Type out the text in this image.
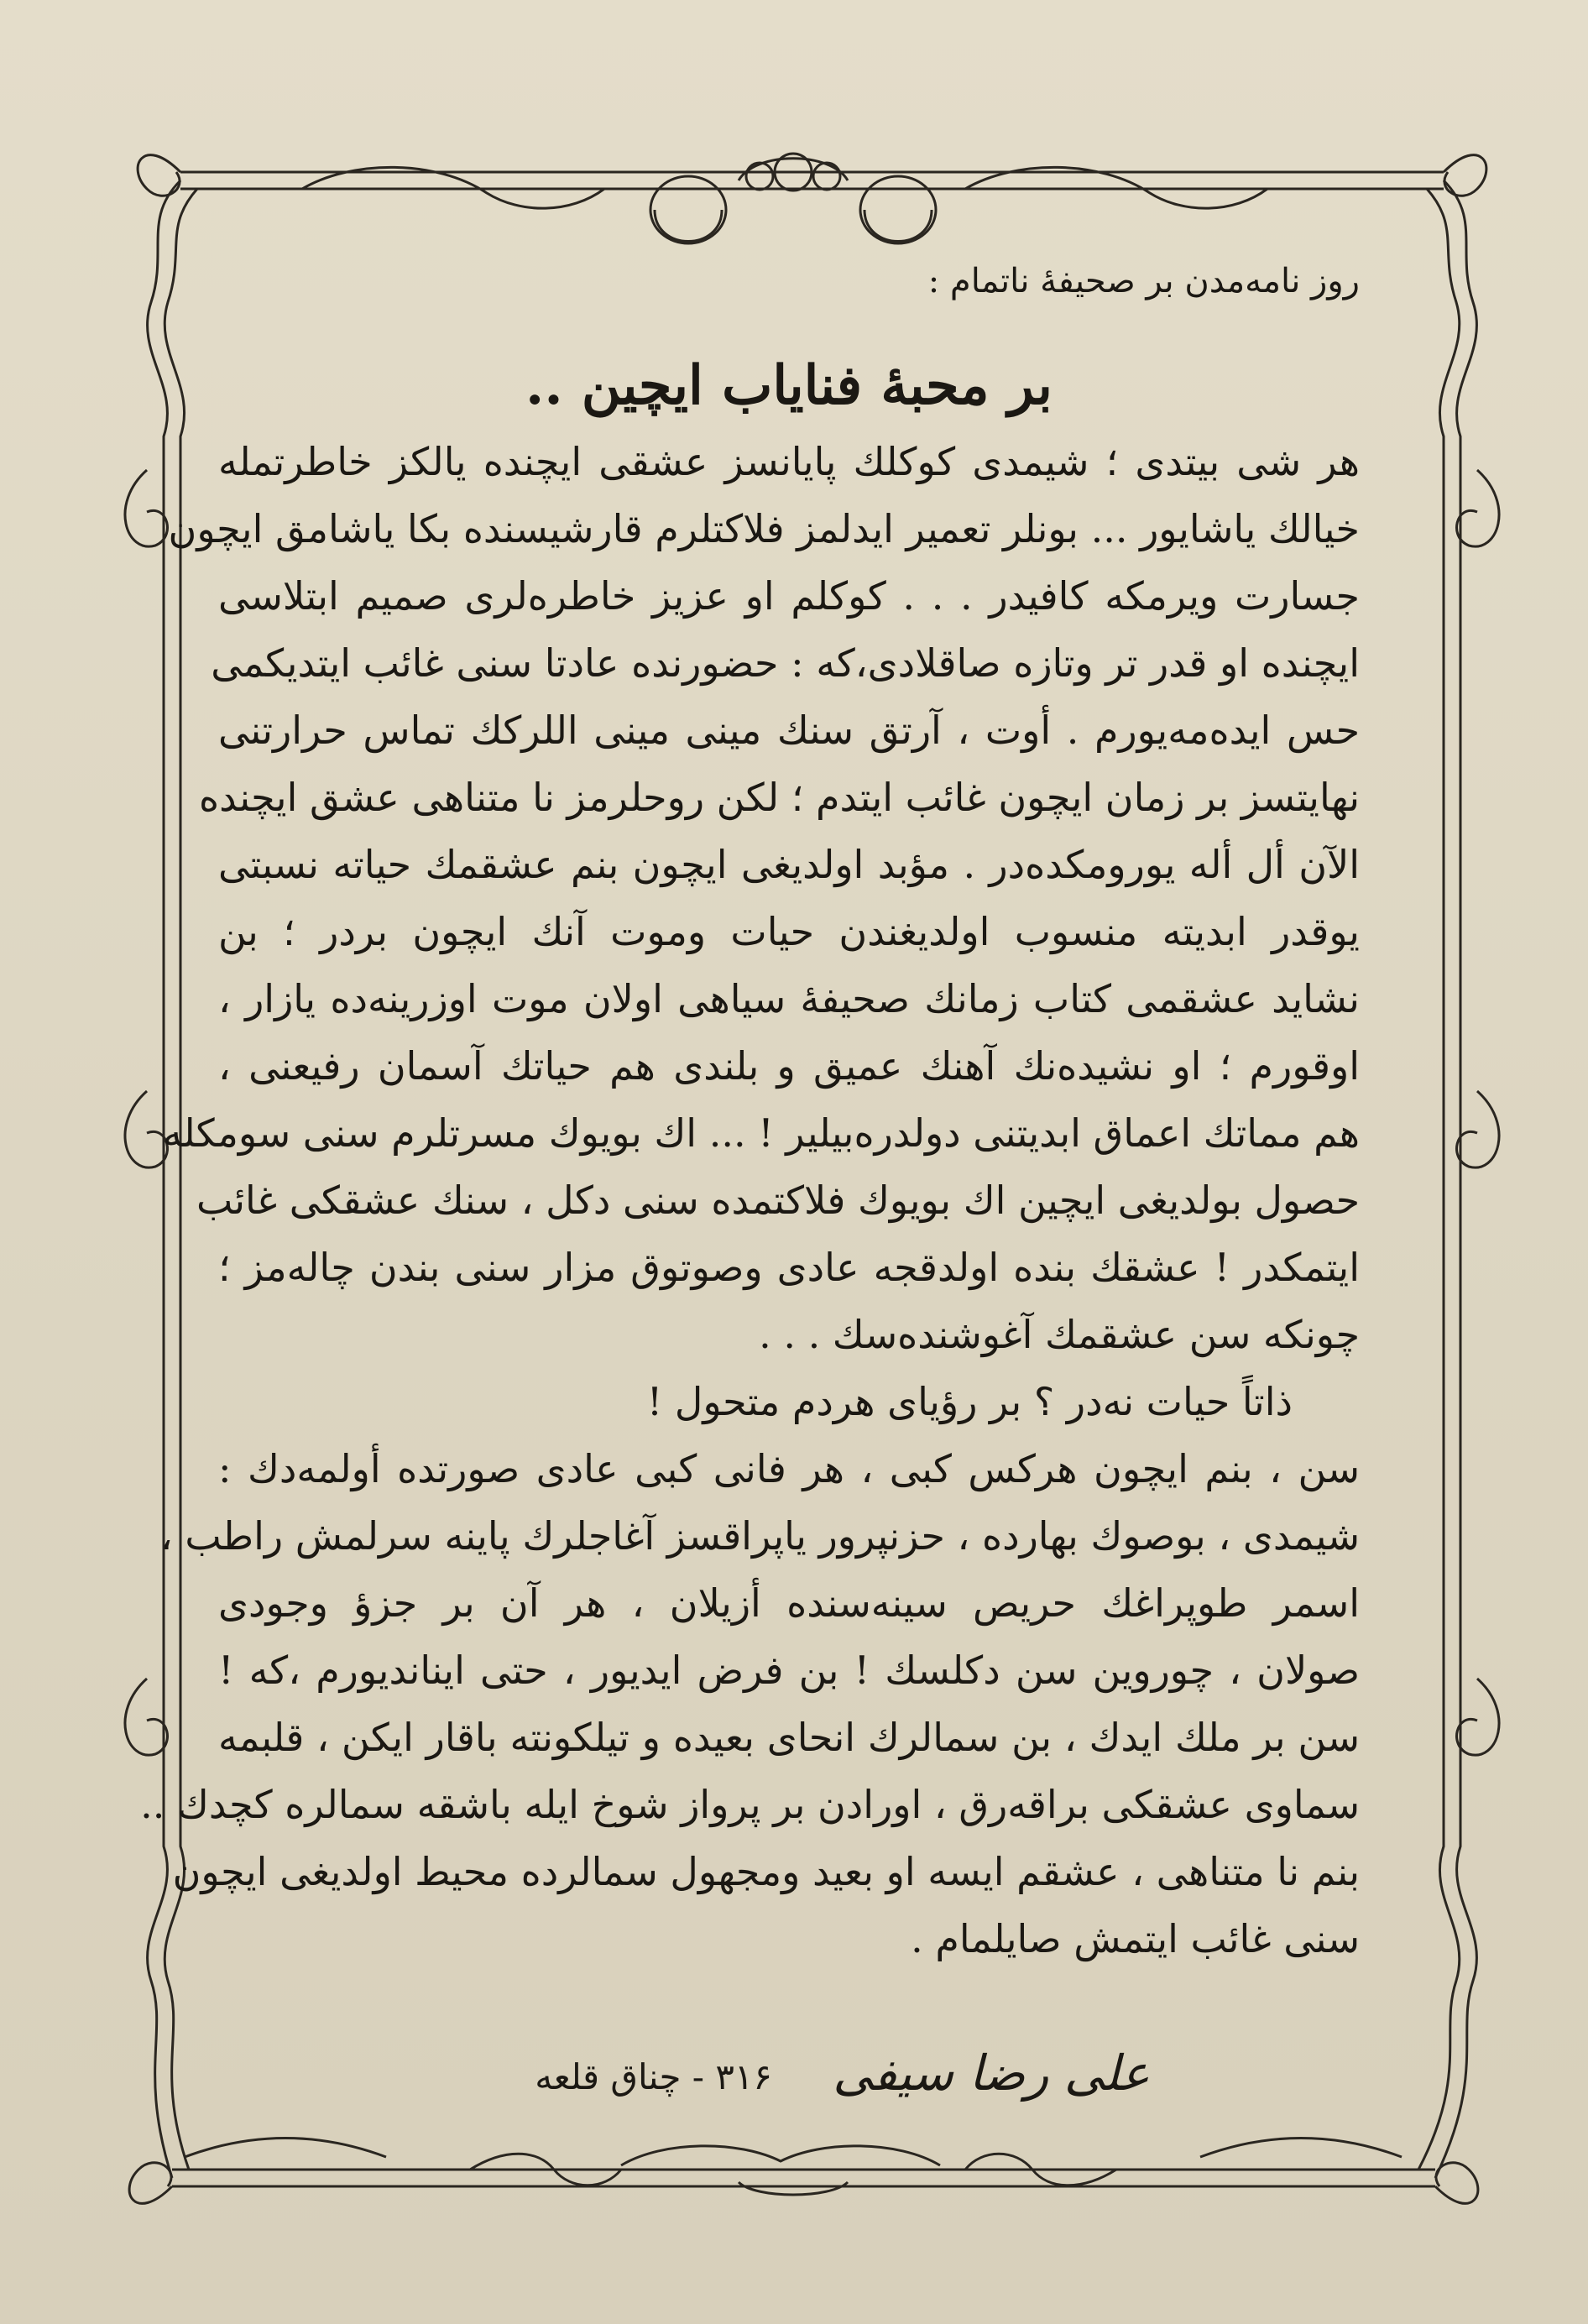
روز نامه‌مدن بر صحیفهٔ ناتمام :
بر محبهٔ فنایاب ایچین ..
هر شی بیتدی ؛ شیمدی کوکلك پایانسز عشقی ایچنده یالکز خاطرتمله
خیالك یاشایور ... بونلر تعمیر ایدلمز فلاکتلرم قارشیسنده بکا یاشامق ایچون
جسارت ویرمکه کافیدر . . . کوکلم او عزیز خاطره‌لری صمیم ابتلاسی
ایچنده او قدر تر وتازه صاقلادی،که : حضورنده عادتا سنی غائب ایتدیکمی
حس ایده‌مه‌یورم . أوت ، آرتق سنك مینی مینی اللرکك تماس حرارتنی
نهایتسز بر زمان ایچون غائب ایتدم ؛ لکن روحلرمز نا متناهی عشق ایچنده
الآن أل أله یورومکده‌در . مؤبد اولدیغی ایچون بنم عشقمك حیاته نسبتی
یوقدر ابدیته منسوب اولدیغندن حیات وموت آنك ایچون بردر ؛ بن
نشاید عشقمی کتاب زمانك صحیفهٔ سیاهی اولان موت اوزرینه‌ده یازار ،
اوقورم ؛ او نشیده‌نك آهنك عمیق و بلندی هم حیاتك آسمان رفیعنی ،
هم مماتك اعماق ابدیتنی دولدره‌بیلیر ! ... اك بویوك مسرتلرم سنی سومکله
حصول بولدیغی ایچین اك بویوك فلاکتمده سنی دکل ، سنك عشقکی غائب
ایتمکدر ! عشقك بنده اولدقجه عادی وصوتوق مزار سنی بندن چاله‌مز ؛
چونکه سن عشقمك آغوشنده‌سك . . .
ذاتاً حیات نه‌در ؟ بر رؤیای هردم متحول !
سن ، بنم ایچون هرکس کبی ، هر فانی کبی عادی صورتده أولمه‌دك :
شیمدی ، بوصوك بهارده ، حزنپرور یاپراقسز آغاجلرك پاینه سرلمش راطب ،
اسمر طوپراغك حریص سینه‌سنده أزیلان ، هر آن بر جزؤ وجودی
صولان ، چوروین سن دکلسك ! بن فرض ایدیور ، حتی ایناندیورم ،که !
سن بر ملك ایدك ، بن سمالرك انحای بعیده و تیلکونته باقار ایکن ، قلبمه
سماوی عشقکی براقه‌رق ، اورادن بر پرواز شوخ ایله باشقه سمالره کچدك ..
بنم نا متناهی ، عشقم ایسه او بعید ومجهول سمالرده محیط اولدیغی ایچون
سنی غائب ایتمش صایلمام .
علی رضا سیفی
۳۱۶ - چناق قلعه
